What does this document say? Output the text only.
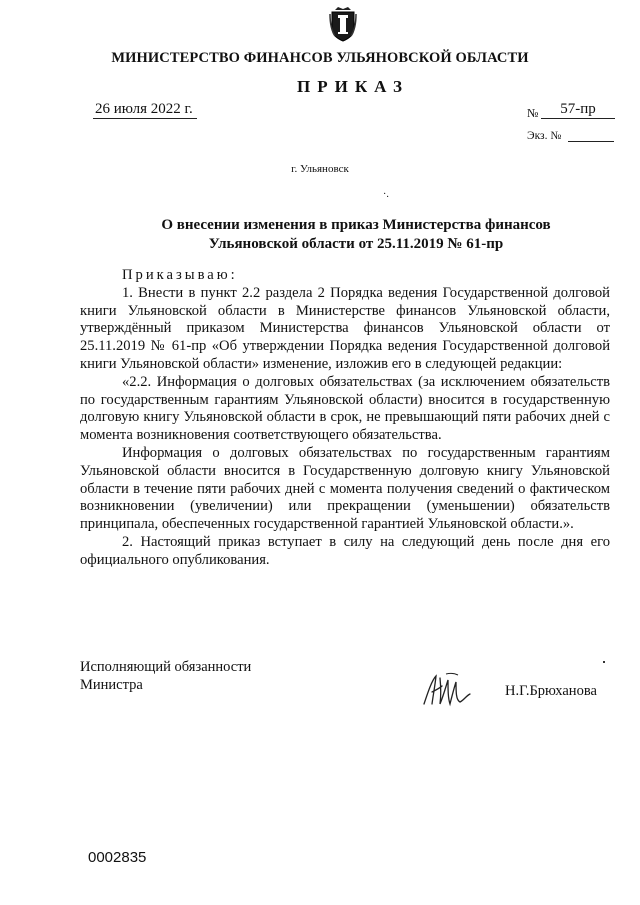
МИНИСТЕРСТВО ФИНАНСОВ УЛЬЯНОВСКОЙ ОБЛАСТИ
ПРИКАЗ
26 июля 2022 г.	№	57-пр
Экз. №
г. Ульяновск
·.
О внесении изменения в приказ Министерства финансов
Ульяновской области от 25.11.2019 № 61-пр

Приказываю:

1. Внести в пункт 2.2 раздела 2 Порядка ведения Государственной долговой книги Ульяновской области в Министерстве финансов Ульяновской области, утверждённый приказом Министерства финансов Ульяновской области от 25.11.2019 № 61-пр «Об утверждении Порядка ведения Государственной долговой книги Ульяновской области» изменение, изложив его в следующей редакции:

«2.2. Информация о долговых обязательствах (за исключением обязательств по государственным гарантиям Ульяновской области) вносится в государственную долговую книгу Ульяновской области в срок, не превышающий пяти рабочих дней с момента возникновения соответствующего обязательства.

Информация о долговых обязательствах по государственным гарантиям Ульяновской области вносится в Государственную долговую книгу Ульяновской области в течение пяти рабочих дней с момента получения сведений о фактическом возникновении (увеличении) или прекращении (уменьшении) обязательств принципала, обеспеченных государственной гарантией Ульяновской области.».

2. Настоящий приказ вступает в силу на следующий день после дня его официального опубликования.

Исполняющий обязанности
Министра	Н.Г.Брюханова
0002835
